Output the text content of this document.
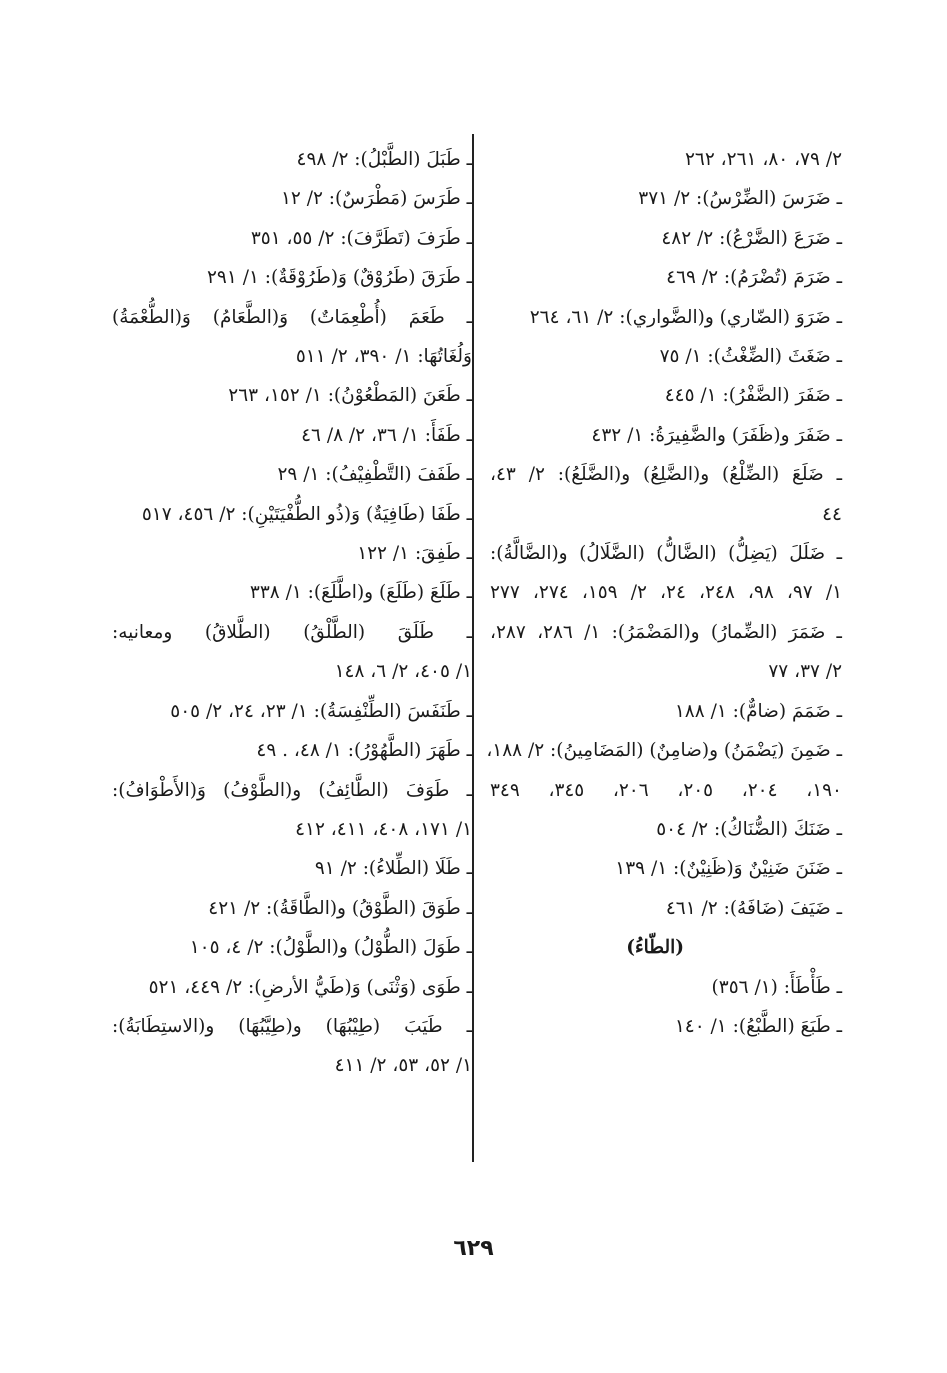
٢/ ٧٩، ٨٠، ٢٦١، ٢٦٢
ـ ضَرَسَ (الضِّرْسُ): ٢/ ٣٧١
ـ ضَرَعَ (الضَّرْعُ): ٢/ ٤٨٢
ـ ضَرَمَ (تُضْرَمُ): ٢/ ٤٦٩
ـ ضَرَوَ (الضّاري) و(الضَّواري): ٢/ ٦١، ٢٦٤
ـ ضَغَثَ (الضِّغْثُ): ١/ ٧٥
ـ ضَفَرَ (الضَّفْرُ): ١/ ٤٤٥
ـ ضَفَرَ و(ظَفَرَ) والضَّفِيرَةُ: ١/ ٤٣٢
ـ ضَلَعَ (الضِّلْعُ) و(الضَّلِعُ) و(الضَّلَعُ): ٢/ ٤٣،
٤٤
ـ ضَلَلَ (يَضِلُّ) (الضَّالُّ) (الضَّلَالُ) و(الضَّالَّةُ):
١/ ٩٧، ٩٨، ٢٤٨، ٢٤، ٢/ ١٥٩، ٢٧٤، ٢٧٧
ـ ضَمَرَ (الضِّمارُ) و(المَضْمَرُ): ١/ ٢٨٦، ٢٨٧،
٢/ ٣٧، ٧٧
ـ ضَمَمَ (ضامٌّ): ١/ ١٨٨
ـ ضَمِنَ (يَضْمَنُ) و(ضامِنٌ) (المَضَامِينُ): ٢/ ١٨٨،
١٩٠، ٢٠٤، ٢٠٥، ٢٠٦، ٣٤٥، ٣٤٩
ـ ضَنَكَ (الضُّنَاكُ): ٢/ ٥٠٤
ـ ضَنَنَ ضَنِيْنٌ وَ(ظَنِيْنٌ): ١/ ١٣٩
ـ ضَيَفَ (ضَافَهُ): ٢/ ٤٦١
(الطّاءُ)
ـ طَأْطَأَ: (١/ ٣٥٦)
ـ طَبَعَ (الطَّبْعُ): ١/ ١٤٠
ـ طَبَلَ (الطَّبْلُ): ٢/ ٤٩٨
ـ طَرَسَ (مَطْرَسٌ): ٢/ ١٢
ـ طَرَفَ (تَطَرَّفَ): ٢/ ٥٥، ٣٥١
ـ طَرَقَ (طَرُوْقٌ) وَ(طَرُوْقَةٌ): ١/ ٢٩١
ـ طَعَمَ (أُطْعِمَاتٌ) وَ(الطَّعَامُ) وَ(الطُّعْمَةُ)
وَلُغَاتُهَا: ١/ ٣٩٠، ٢/ ٥١١
ـ طَعَنَ (المَطْعُوْنُ): ١/ ١٥٢، ٢٦٣
ـ طَفَأَ: ١/ ٣٦، ٢/ ٨/ ٤٦
ـ طَفَفَ (التَّطْفِيْفُ): ١/ ٢٩
ـ طَفَا (طَافِيَةٌ) وَ(ذُو الطُّفْيَتَيْنِ): ٢/ ٤٥٦، ٥١٧
ـ طَفِقَ: ١/ ١٢٢
ـ طَلَعَ (طَلَعَ) و(اطَّلَعَ): ١/ ٣٣٨
ـ طَلَقَ (الطَّلْقُ) (الطَّلاقُ) ومعانيه:
١/ ٤٠٥، ٢/ ٦، ١٤٨
ـ طَنَفَسَ (الطِّنْفِسَةُ): ١/ ٢٣، ٢٤، ٢/ ٥٠٥
ـ طَهَرَ (الطَّهُوْرُ): ١/ ٤٨، . ٤٩
ـ طَوَفَ (الطَّائِفُ) و(الطَّوْفُ) وَ(الأَطْوَافُ):
١/ ١٧١، ٤٠٨، ٤١١، ٤١٢
ـ طَلَا (الطِّلاءُ): ٢/ ٩١
ـ طَوَقَ (الطَّوْقُ) و(الطَّاقَةُ): ٢/ ٤٢١
ـ طَوَلَ (الطُّوْلُ) و(الطَّوْلُ): ٢/ ٤، ١٠٥
ـ طَوَى (وَثْنَى) وَ(طَيُّ الأرضِ): ٢/ ٤٤٩، ٥٢١
ـ طَيَبَ (طِيْبُهَا) و(طِيَّبُهَا) و(الاستِطَابَةُ):
١/ ٥٢، ٥٣، ٢/ ٤١١
٦٢٩
